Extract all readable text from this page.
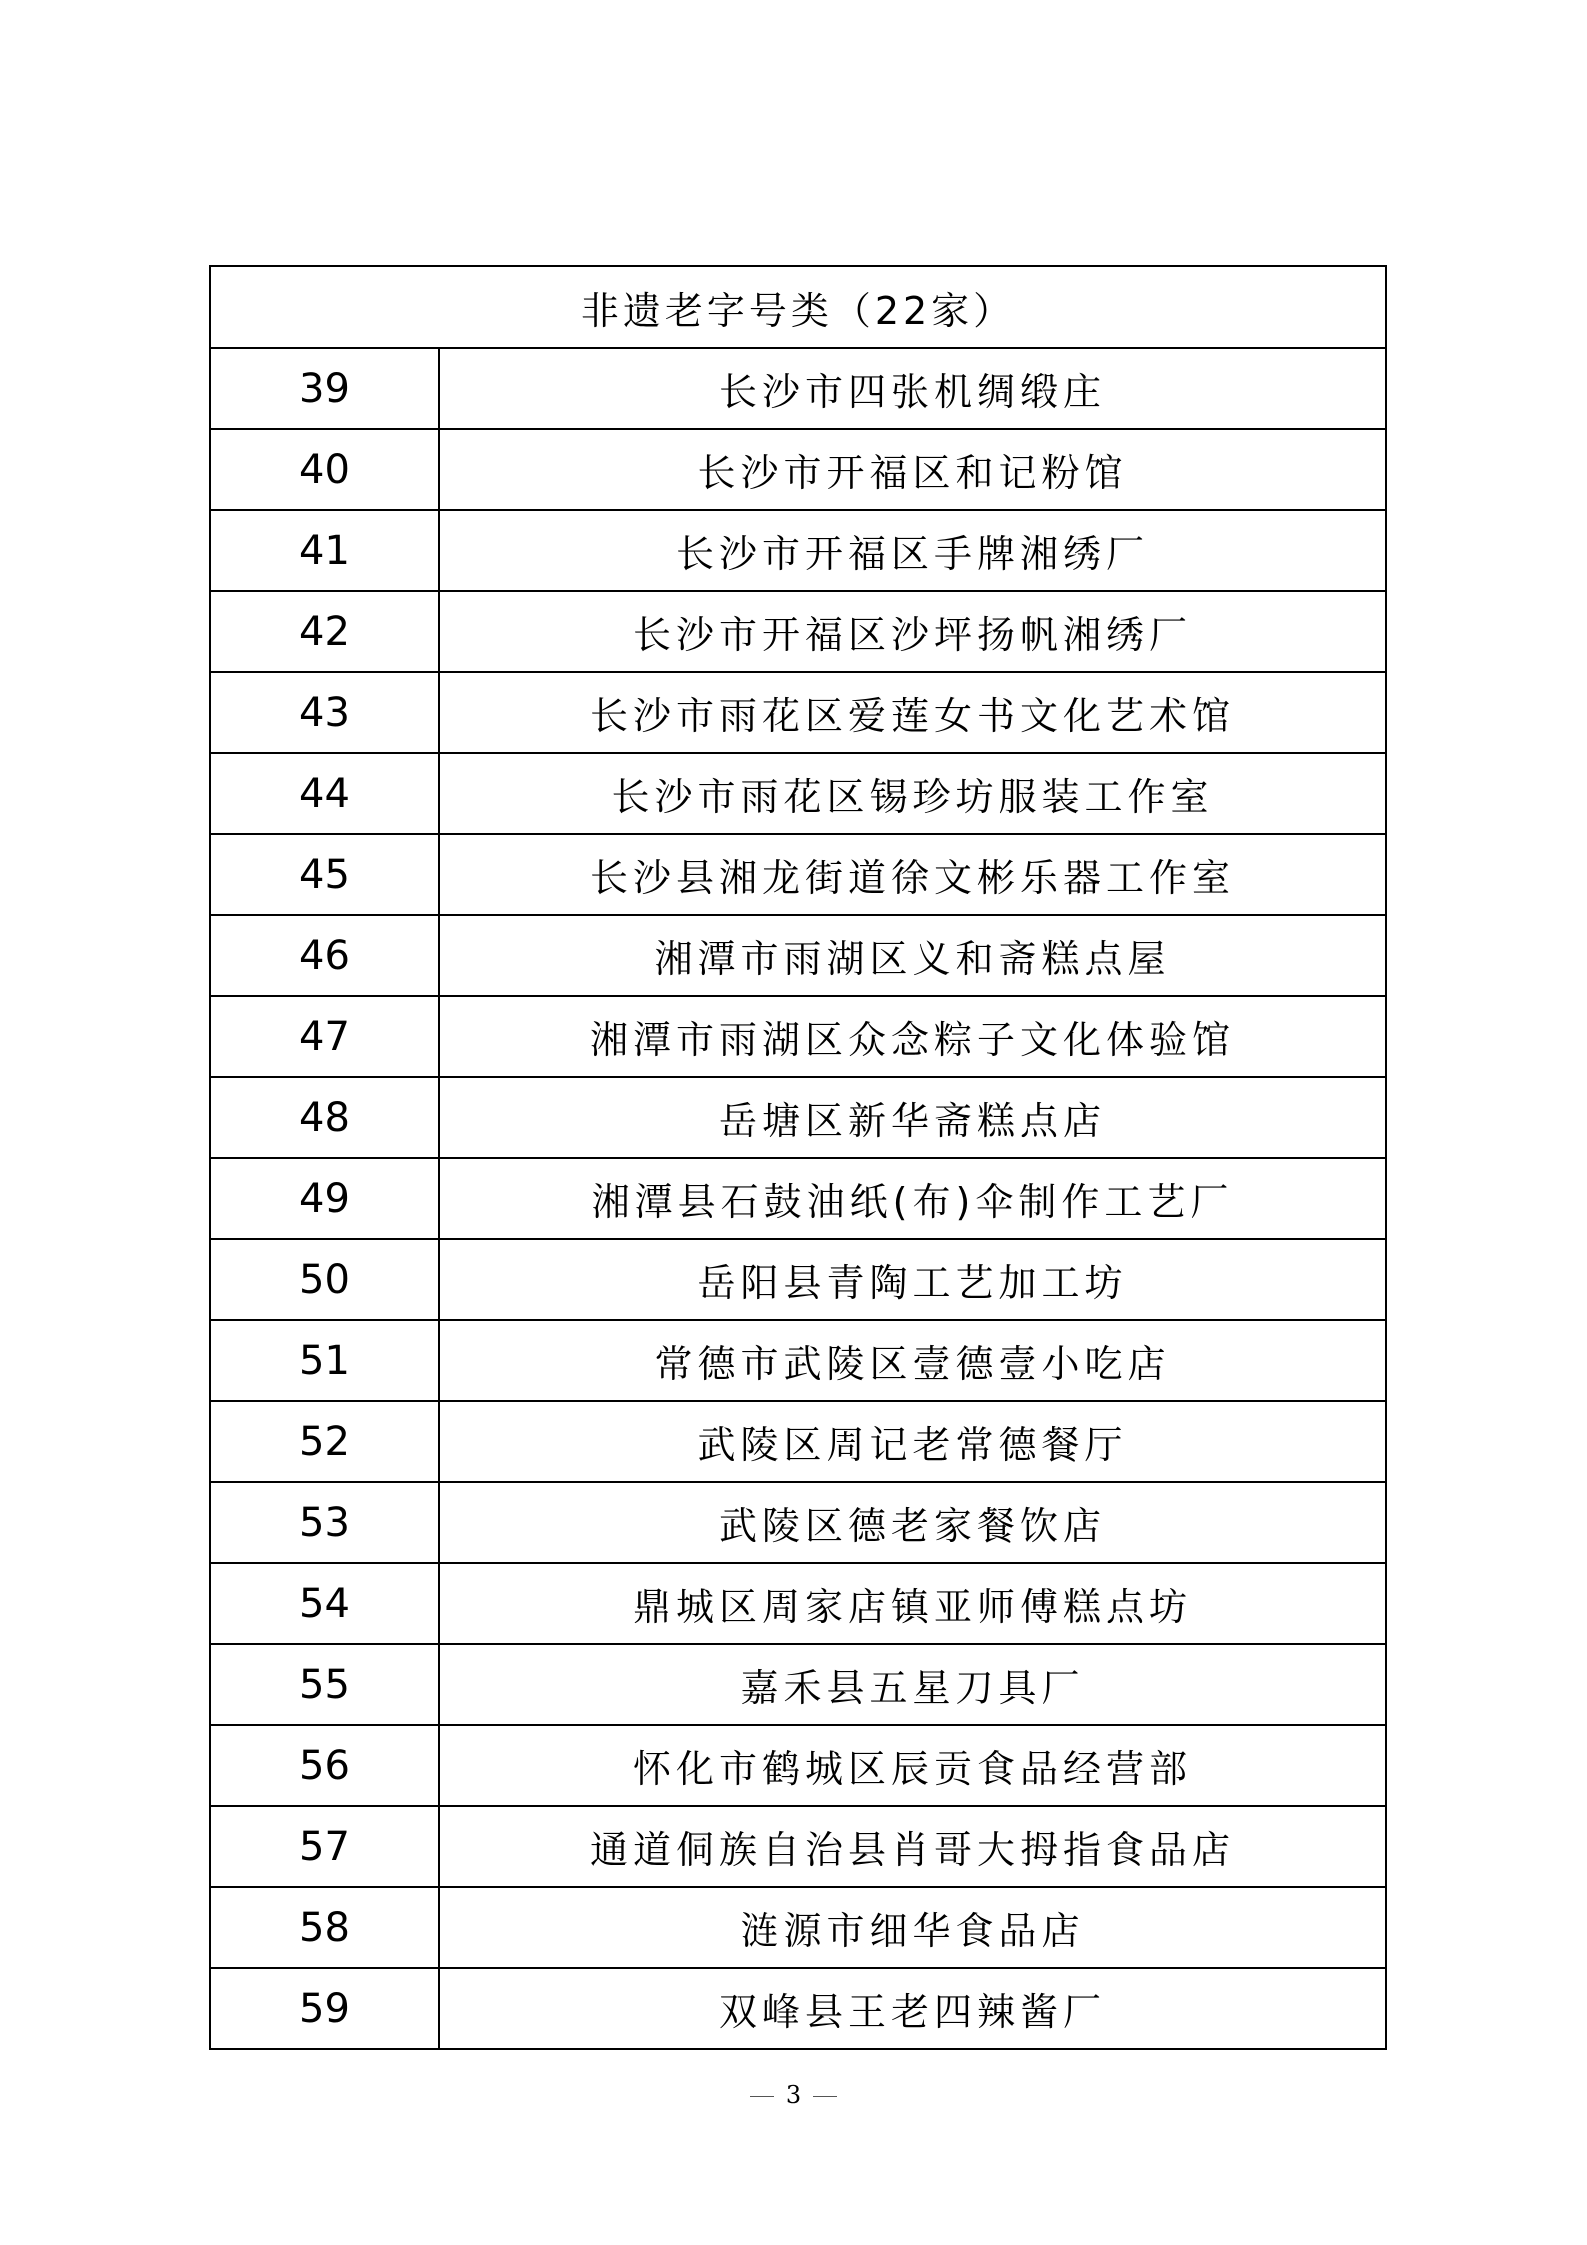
非遗老字号类（22家）	
39	长沙市四张机绸缎庄
40	长沙市开福区和记粉馆
41	长沙市开福区手牌湘绣厂
42	长沙市开福区沙坪扬帆湘绣厂
43	长沙市雨花区爱莲女书文化艺术馆
44	长沙市雨花区锡珍坊服装工作室
45	长沙县湘龙街道徐文彬乐器工作室
46	湘潭市雨湖区义和斋糕点屋
47	湘潭市雨湖区众念粽子文化体验馆
48	岳塘区新华斋糕点店
49	湘潭县石鼓油纸(布)伞制作工艺厂
50	岳阳县青陶工艺加工坊
51	常德市武陵区壹德壹小吃店
52	武陵区周记老常德餐厅
53	武陵区德老家餐饮店
54	鼎城区周家店镇亚师傅糕点坊
55	嘉禾县五星刀具厂
56	怀化市鹤城区辰贡食品经营部
57	通道侗族自治县肖哥大拇指食品店
58	涟源市细华食品店
59	双峰县王老四辣酱厂
3
